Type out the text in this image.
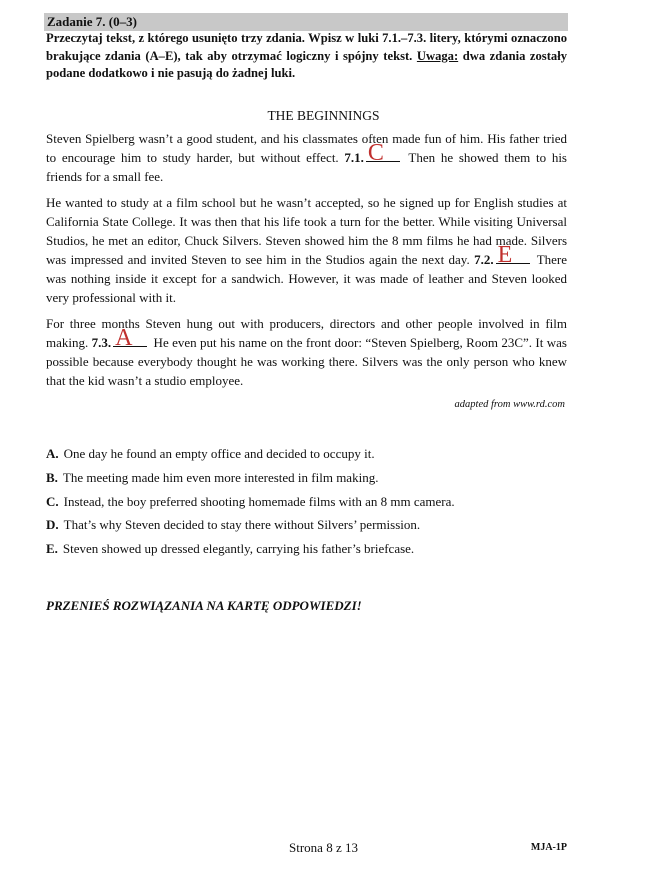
Zadanie 7. (0–3)
Przeczytaj tekst, z którego usunięto trzy zdania. Wpisz w luki 7.1.–7.3. litery, którymi oznaczono brakujące zdania (A–E), tak aby otrzymać logiczny i spójny tekst. Uwaga: dwa zdania zostały podane dodatkowo i nie pasują do żadnej luki.
THE BEGINNINGS

Steven Spielberg wasn’t a good student, and his classmates often made fun of him. His father tried to encourage him to study harder, but without effect. 7.1. C Then he showed them to his friends for a small fee.

He wanted to study at a film school but he wasn’t accepted, so he signed up for English studies at California State College. It was then that his life took a turn for the better. While visiting Universal Studios, he met an editor, Chuck Silvers. Steven showed him the 8 mm films he had made. Silvers was impressed and invited Steven to see him in the Studios again the next day. 7.2. E There was nothing inside it except for a sandwich. However, it was made of leather and Steven looked very professional with it.

For three months Steven hung out with producers, directors and other people involved in film making. 7.3. A He even put his name on the front door: “Steven Spielberg, Room 23C”. It was possible because everybody thought he was working there. Silvers was the only person who knew that the kid wasn’t a studio employee.

adapted from www.rd.com
A. One day he found an empty office and decided to occupy it.
B. The meeting made him even more interested in film making.
C. Instead, the boy preferred shooting homemade films with an 8 mm camera.
D. That’s why Steven decided to stay there without Silvers’ permission.
E. Steven showed up dressed elegantly, carrying his father’s briefcase.
PRZENIEŚ ROZWIĄZANIA NA KARTĘ ODPOWIEDZI!
Strona 8 z 13	MJA-1P
